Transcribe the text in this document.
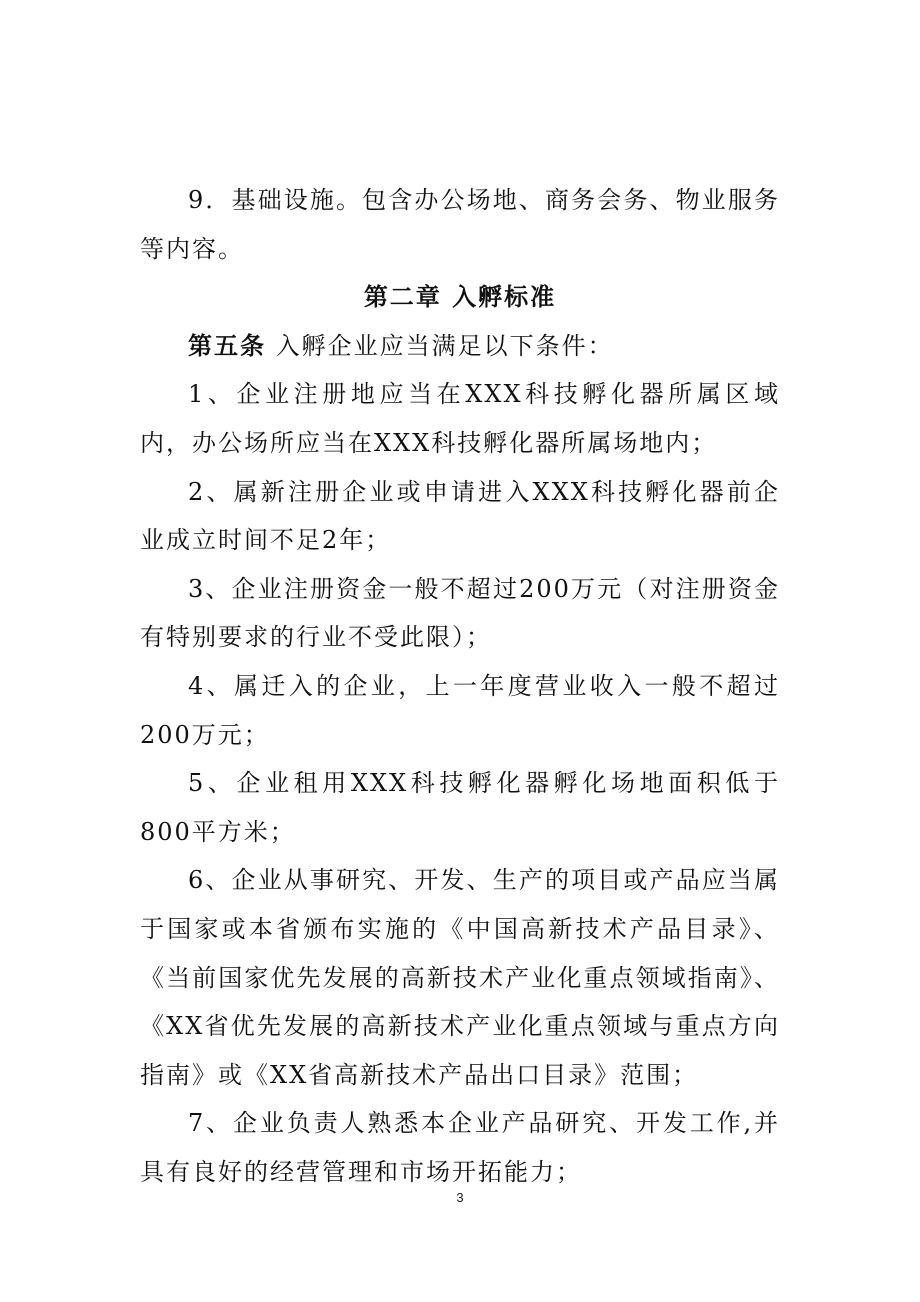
9．基础设施。包含办公场地、商务会务、物业服务等内容。

第二章 入孵标准

第五条 入孵企业应当满足以下条件：

1、企业注册地应当在XXX科技孵化器所属区域内，办公场所应当在XXX科技孵化器所属场地内；

2、属新注册企业或申请进入XXX科技孵化器前企业成立时间不足2年；

3、企业注册资金一般不超过200万元（对注册资金有特别要求的行业不受此限）；

4、属迁入的企业，上一年度营业收入一般不超过200万元；

5、企业租用XXX科技孵化器孵化场地面积低于800平方米；

6、企业从事研究、开发、生产的项目或产品应当属于国家或本省颁布实施的《中国高新技术产品目录》、《当前国家优先发展的高新技术产业化重点领域指南》、《XX省优先发展的高新技术产业化重点领域与重点方向指南》或《XX省高新技术产品出口目录》范围；

7、企业负责人熟悉本企业产品研究、开发工作,并具有良好的经营管理和市场开拓能力；

3
